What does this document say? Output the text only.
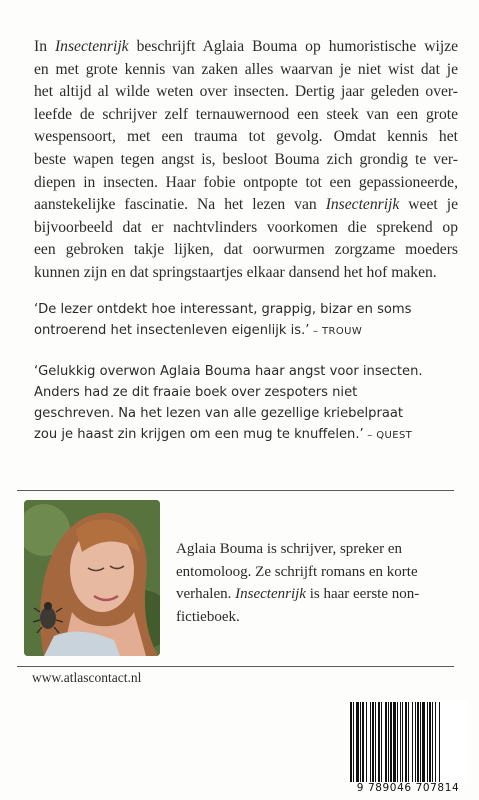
In Insectenrijk beschrijft Aglaia Bouma op humoristische wijze
en met grote kennis van zaken alles waarvan je niet wist dat je
het altijd al wilde weten over insecten. Dertig jaar geleden over-
leefde de schrijver zelf ternauwernood een steek van een grote
wespensoort, met een trauma tot gevolg. Omdat kennis het
beste wapen tegen angst is, besloot Bouma zich grondig te ver-
diepen in insecten. Haar fobie ontpopte tot een gepassioneerde,
aanstekelijke fascinatie. Na het lezen van Insectenrijk weet je
bijvoorbeeld dat er nachtvlinders voorkomen die sprekend op
een gebroken takje lijken, dat oorwurmen zorgzame moeders
kunnen zijn en dat springstaartjes elkaar dansend het hof maken.

‘De lezer ontdekt hoe interessant, grappig, bizar en soms
ontroerend het insectenleven eigenlijk is.’ – TROUW

‘Gelukkig overwon Aglaia Bouma haar angst voor insecten.
Anders had ze dit fraaie boek over zespoters niet
geschreven. Na het lezen van alle gezellige kriebelpraat
zou je haast zin krijgen om een mug te knuffelen.’ – QUEST

Aglaia Bouma is schrijver, spreker en
entomoloog. Ze schrijft romans en korte
verhalen. Insectenrijk is haar eerste non-
fictieboek.

www.atlascontact.nl
9 789046 707814
